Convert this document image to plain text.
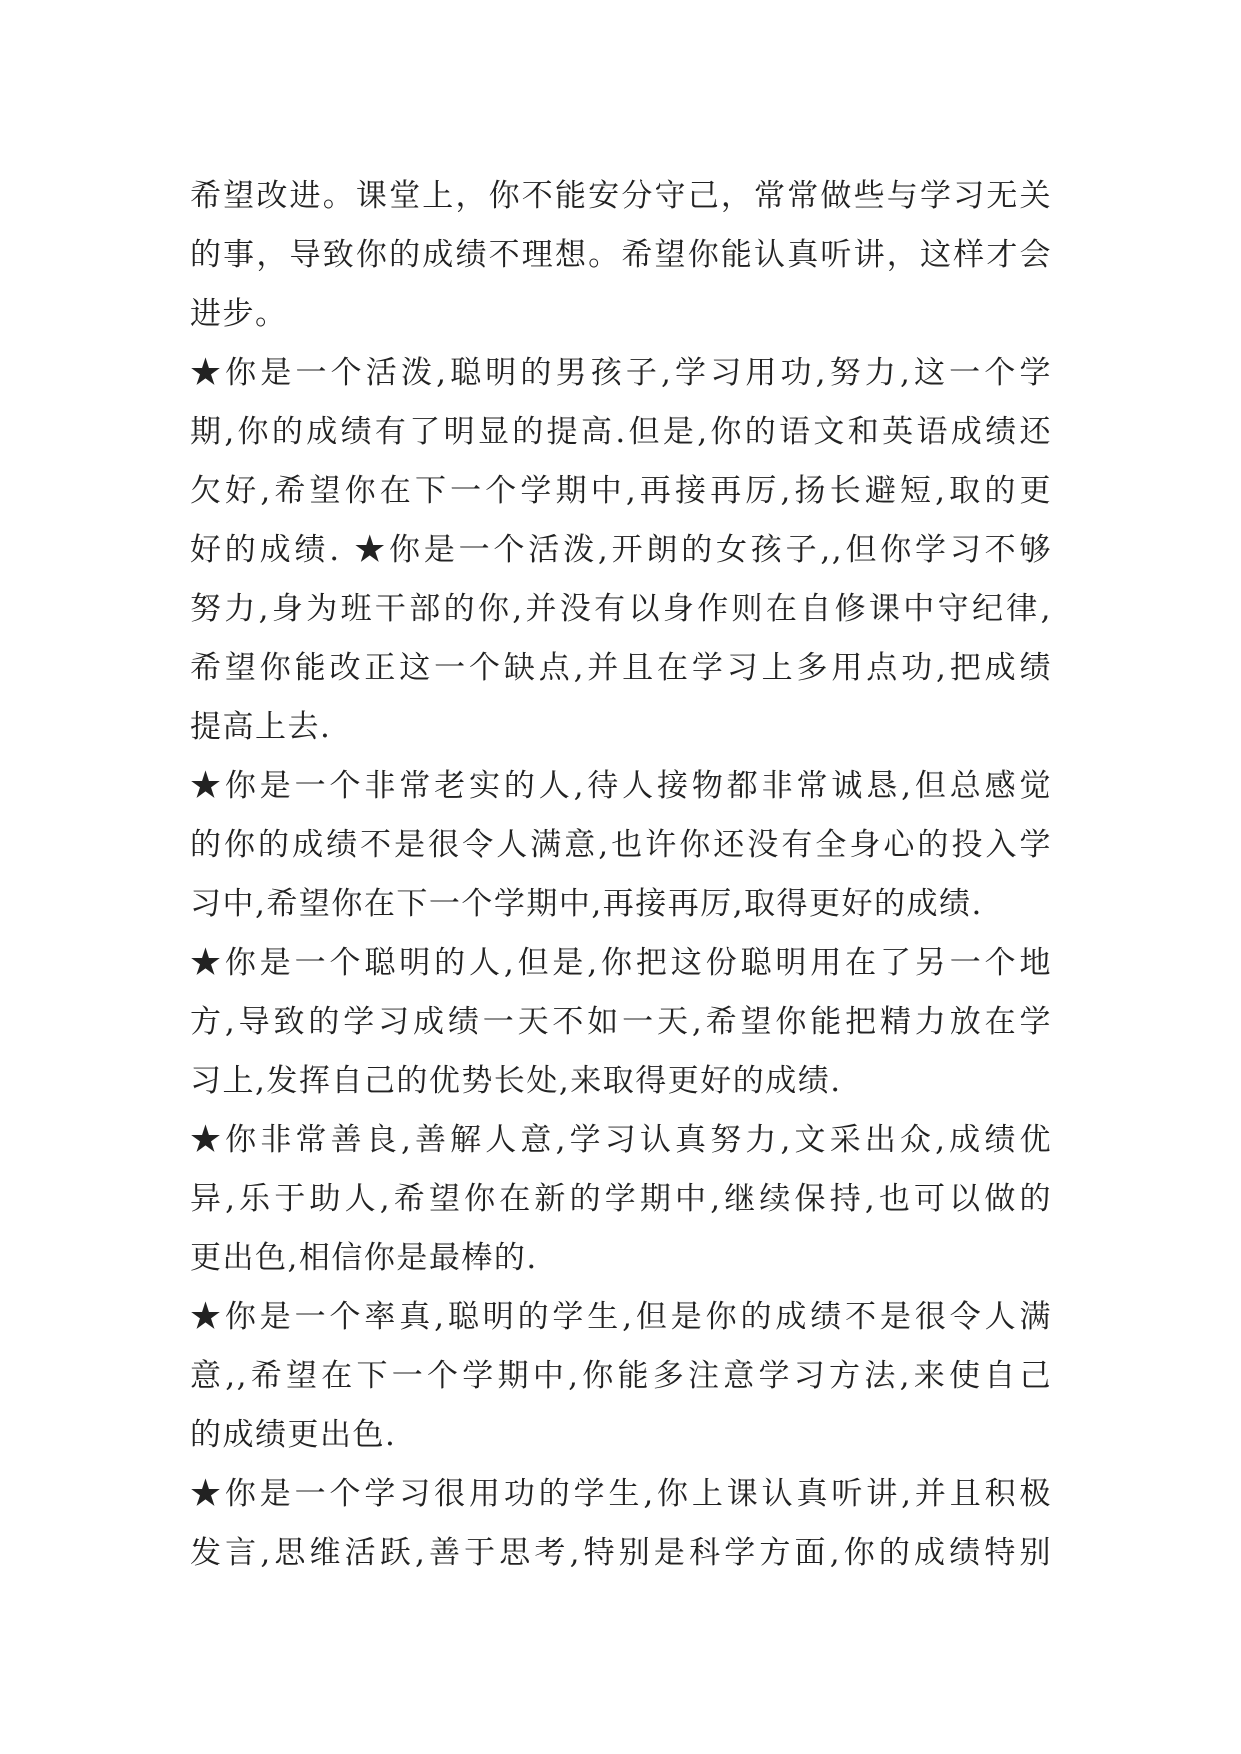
希望改进。课堂上，你不能安分守己，常常做些与学习无关
的事，导致你的成绩不理想。希望你能认真听讲，这样才会
进步。
★你是一个活泼,聪明的男孩子,学习用功,努力,这一个学
期,你的成绩有了明显的提高.但是,你的语文和英语成绩还
欠好,希望你在下一个学期中,再接再厉,扬长避短,取的更
好的成绩. ★你是一个活泼,开朗的女孩子,,但你学习不够
努力,身为班干部的你,并没有以身作则在自修课中守纪律,
希望你能改正这一个缺点,并且在学习上多用点功,把成绩
提高上去.
★你是一个非常老实的人,待人接物都非常诚恳,但总感觉
的你的成绩不是很令人满意,也许你还没有全身心的投入学
习中,希望你在下一个学期中,再接再厉,取得更好的成绩.
★你是一个聪明的人,但是,你把这份聪明用在了另一个地
方,导致的学习成绩一天不如一天,希望你能把精力放在学
习上,发挥自己的优势长处,来取得更好的成绩.
★你非常善良,善解人意,学习认真努力,文采出众,成绩优
异,乐于助人,希望你在新的学期中,继续保持,也可以做的
更出色,相信你是最棒的.
★你是一个率真,聪明的学生,但是你的成绩不是很令人满
意,,希望在下一个学期中,你能多注意学习方法,来使自己
的成绩更出色.
★你是一个学习很用功的学生,你上课认真听讲,并且积极
发言,思维活跃,善于思考,特别是科学方面,你的成绩特别
